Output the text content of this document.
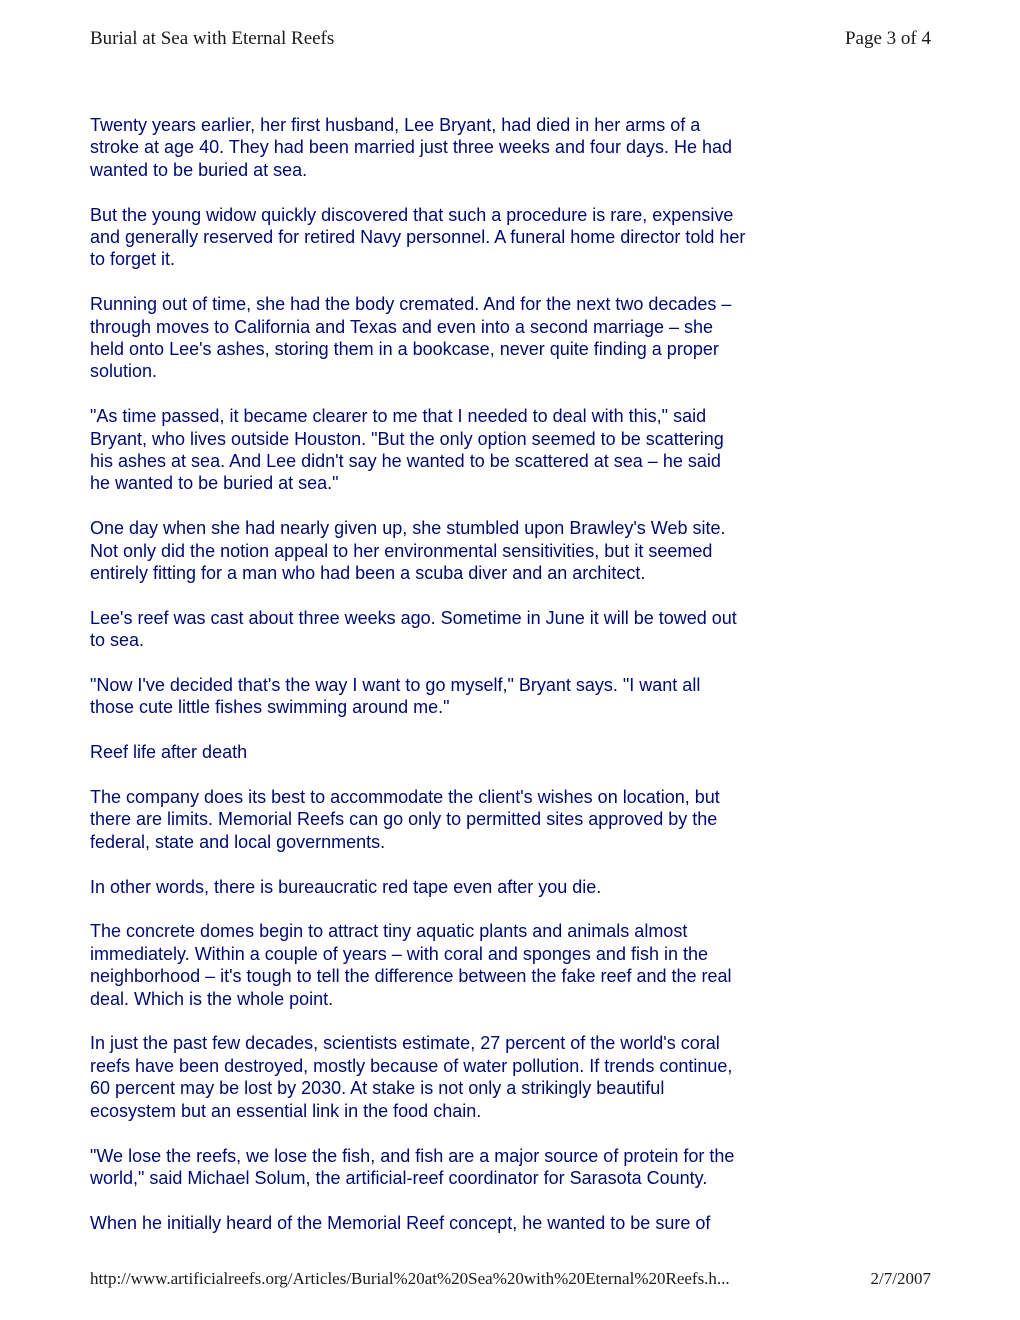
Burial at Sea with Eternal Reefs	Page 3 of 4

Twenty years earlier, her first husband, Lee Bryant, had died in her arms of a
stroke at age 40. They had been married just three weeks and four days. He had
wanted to be buried at sea.

But the young widow quickly discovered that such a procedure is rare, expensive
and generally reserved for retired Navy personnel. A funeral home director told her
to forget it.

Running out of time, she had the body cremated. And for the next two decades –
through moves to California and Texas and even into a second marriage – she
held onto Lee's ashes, storing them in a bookcase, never quite finding a proper
solution.

"As time passed, it became clearer to me that I needed to deal with this," said
Bryant, who lives outside Houston. "But the only option seemed to be scattering
his ashes at sea. And Lee didn't say he wanted to be scattered at sea – he said
he wanted to be buried at sea."

One day when she had nearly given up, she stumbled upon Brawley's Web site.
Not only did the notion appeal to her environmental sensitivities, but it seemed
entirely fitting for a man who had been a scuba diver and an architect.

Lee's reef was cast about three weeks ago. Sometime in June it will be towed out
to sea.

"Now I've decided that's the way I want to go myself," Bryant says. "I want all
those cute little fishes swimming around me."

Reef life after death

The company does its best to accommodate the client's wishes on location, but
there are limits. Memorial Reefs can go only to permitted sites approved by the
federal, state and local governments.

In other words, there is bureaucratic red tape even after you die.

The concrete domes begin to attract tiny aquatic plants and animals almost
immediately. Within a couple of years – with coral and sponges and fish in the
neighborhood – it's tough to tell the difference between the fake reef and the real
deal. Which is the whole point.

In just the past few decades, scientists estimate, 27 percent of the world's coral
reefs have been destroyed, mostly because of water pollution. If trends continue,
60 percent may be lost by 2030. At stake is not only a strikingly beautiful
ecosystem but an essential link in the food chain.

"We lose the reefs, we lose the fish, and fish are a major source of protein for the
world," said Michael Solum, the artificial-reef coordinator for Sarasota County.

When he initially heard of the Memorial Reef concept, he wanted to be sure of

http://www.artificialreefs.org/Articles/Burial%20at%20Sea%20with%20Eternal%20Reefs.h...	2/7/2007
